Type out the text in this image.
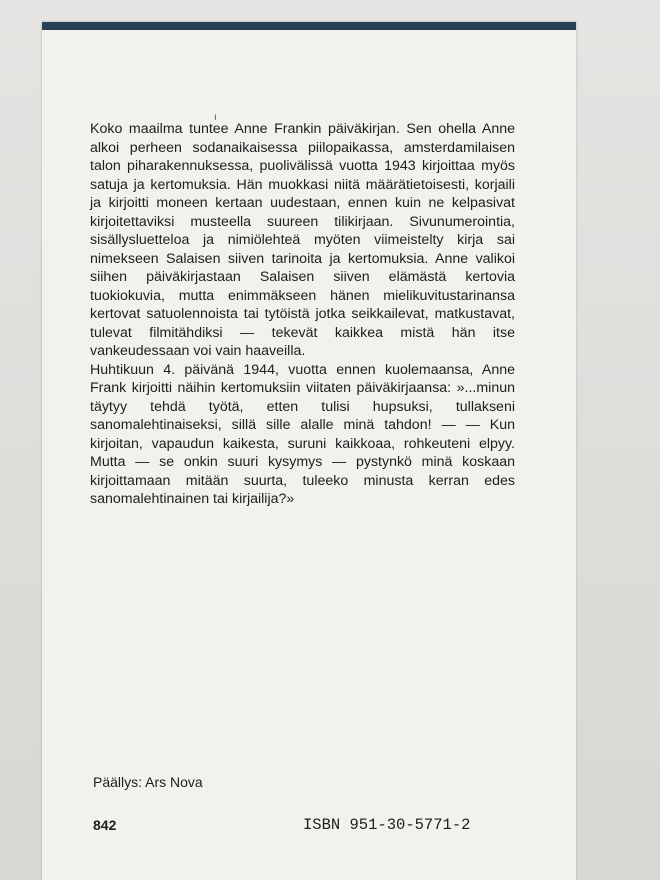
ı

Koko maailma tuntee Anne Frankin päiväkirjan. Sen ohella Anne alkoi perheen sodanaikaisessa piilopaikassa, amsterdamilaisen talon piharakennuksessa, puolivälissä vuotta 1943 kirjoittaa myös satuja ja kertomuksia. Hän muokkasi niitä määrätietoisesti, korjaili ja kirjoitti moneen kertaan uudestaan, ennen kuin ne kelpasivat kirjoitettaviksi musteella suureen tilikirjaan. Sivunumerointia, sisällysluetteloa ja nimiölehteä myöten viimeistelty kirja sai nimekseen Salaisen siiven tarinoita ja kertomuksia. Anne valikoi siihen päiväkirjastaan Salaisen siiven elämästä kertovia tuokiokuvia, mutta enimmäkseen hänen mielikuvitustarinansa kertovat satuolennoista tai tytöistä jotka seikkailevat, matkustavat, tulevat filmitähdiksi — tekevät kaikkea mistä hän itse vankeudessaan voi vain haaveilla.

Huhtikuun 4. päivänä 1944, vuotta ennen kuolemaansa, Anne Frank kirjoitti näihin kertomuksiin viitaten päiväkirjaansa: »...minun täytyy tehdä työtä, etten tulisi hupsuksi, tullakseni sanomalehtinaiseksi, sillä sille alalle minä tahdon! — — Kun kirjoitan, vapaudun kaikesta, suruni kaikkoaa, rohkeuteni elpyy. Mutta — se onkin suuri kysymys — pystynkö minä koskaan kirjoittamaan mitään suurta, tuleeko minusta kerran edes sanomalehtinainen tai kirjailija?»

Päällys: Ars Nova
842	ISBN 951-30-5771-2
